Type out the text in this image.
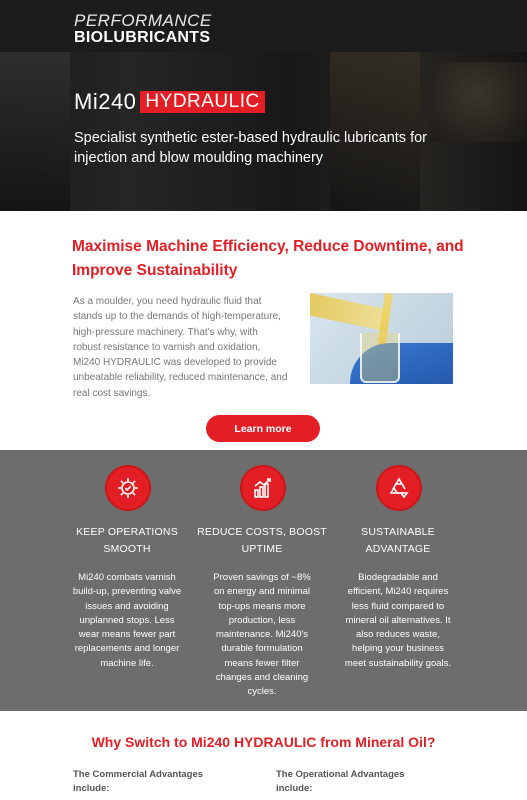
PERFORMANCE
BIOLUBRICANTS
Mi240 HYDRAULIC
Specialist synthetic ester-based hydraulic lubricants for injection and blow moulding machinery
Maximise Machine Efficiency, Reduce Downtime, and Improve Sustainability
As a moulder, you need hydraulic fluid that stands up to the demands of high-temperature, high-pressure machinery. That's why, with robust resistance to varnish and oxidation, Mi240 HYDRAULIC was developed to provide unbeatable reliability, reduced maintenance, and real cost savings.
Learn more
KEEP OPERATIONS SMOOTH
Mi240 combats varnish build-up, preventing valve issues and avoiding unplanned stops. Less wear means fewer part replacements and longer machine life.
REDUCE COSTS, BOOST UPTIME
Proven savings of ~8% on energy and minimal top-ups means more production, less maintenance. Mi240's durable formulation means fewer filter changes and cleaning cycles.
SUSTAINABLE ADVANTAGE
Biodegradable and efficient, Mi240 requires less fluid compared to mineral oil alternatives. It also reduces waste, helping your business meet sustainability goals.
Why Switch to Mi240 HYDRAULIC from Mineral Oil?
The Commercial Advantages include:
The Operational Advantages include:
